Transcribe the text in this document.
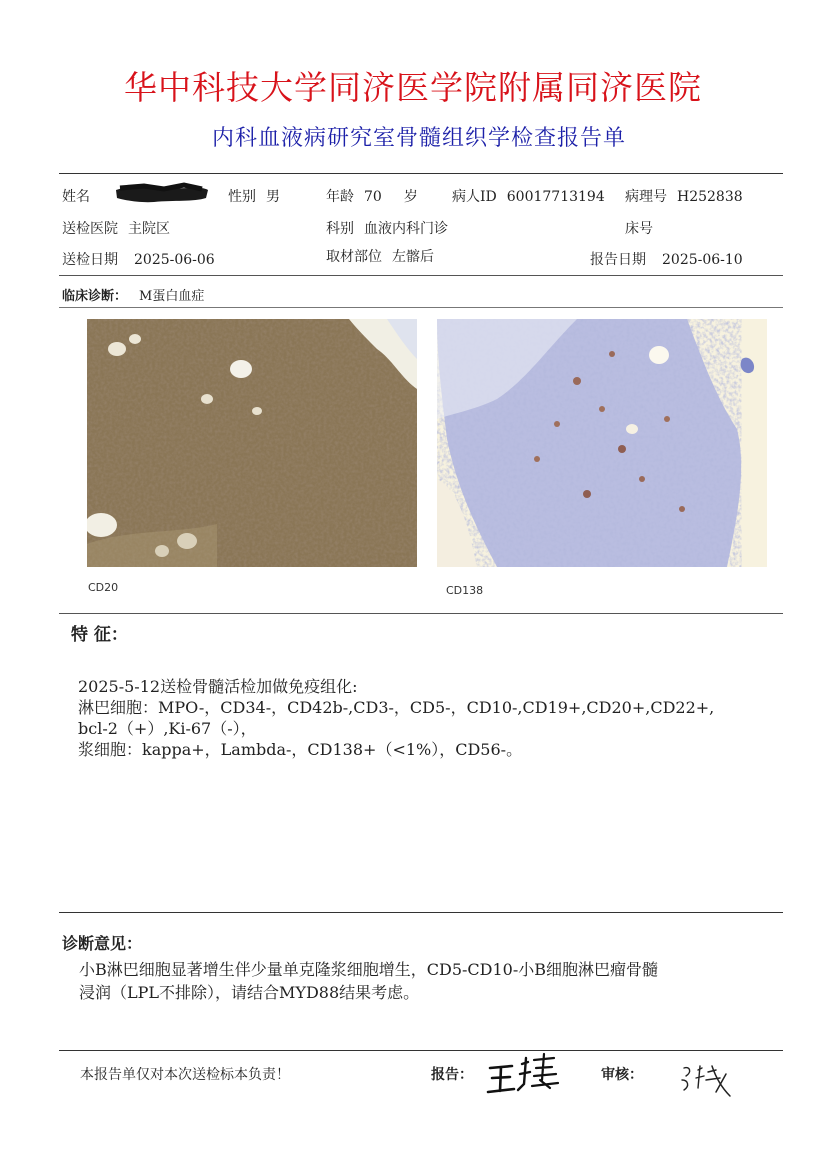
华中科技大学同济医学院附属同济医院
内科血液病研究室骨髓组织学检查报告单
姓名	性别 男	年龄 70 岁 病人ID 60017713194 病理号 H252838
送检医院 主院区	科别 血液内科门诊	床号
送检日期 2025-06-06	取材部位 左髂后	报告日期 2025-06-10
临床诊断： M蛋白血症
CD20	CD138
特 征：
2025-5-12送检骨髓活检加做免疫组化:
淋巴细胞：MPO-，CD34-，CD42b-,CD3-，CD5-，CD10-,CD19+,CD20+,CD22+,
bcl-2（+）,Ki-67（-），
浆细胞：kappa+，Lambda-，CD138+（<1%），CD56-。
诊断意见：
小B淋巴细胞显著增生伴少量单克隆浆细胞增生，CD5-CD10-小B细胞淋巴瘤骨髓
浸润（LPL不排除），请结合MYD88结果考虑。
本报告单仅对本次送检标本负责！	报告：	审核：
